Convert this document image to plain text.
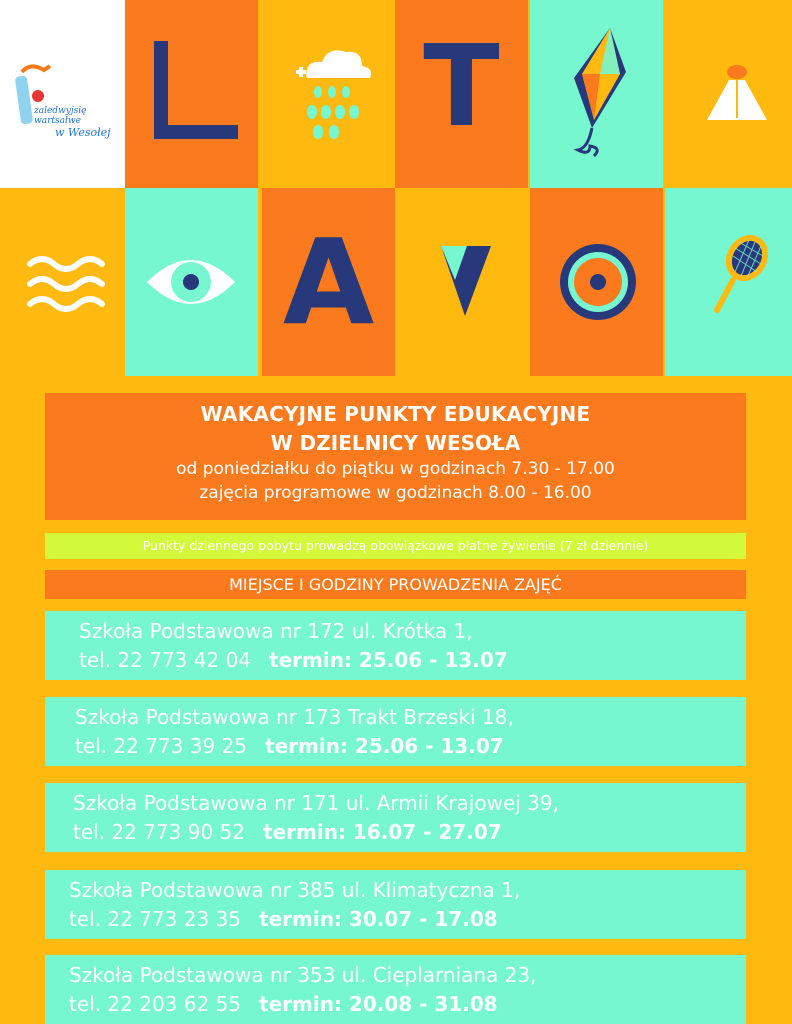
zaledwyjsię
wartsałwe
w Wesołej	T
A
WAKACYJNE PUNKTY EDUKACYJNE
W DZIELNICY WESOŁA
od poniedziałku do piątku w godzinach 7.30 - 17.00
zajęcia programowe w godzinach 8.00 - 16.00
Punkty dziennego pobytu prowadzą obowiązkowe płatne żywienie (7 zł dziennie)
MIEJSCE I GODZINY PROWADZENIA ZAJĘĆ
Szkoła Podstawowa nr 172 ul. Krótka 1,
tel. 22 773 42 04 termin: 25.06 - 13.07
Szkoła Podstawowa nr 173 Trakt Brzeski 18,
tel. 22 773 39 25 termin: 25.06 - 13.07
Szkoła Podstawowa nr 171 ul. Armii Krajowej 39,
tel. 22 773 90 52 termin: 16.07 - 27.07
Szkoła Podstawowa nr 385 ul. Klimatyczna 1,
tel. 22 773 23 35 termin: 30.07 - 17.08
Szkoła Podstawowa nr 353 ul. Cieplarniana 23,
tel. 22 203 62 55 termin: 20.08 - 31.08
